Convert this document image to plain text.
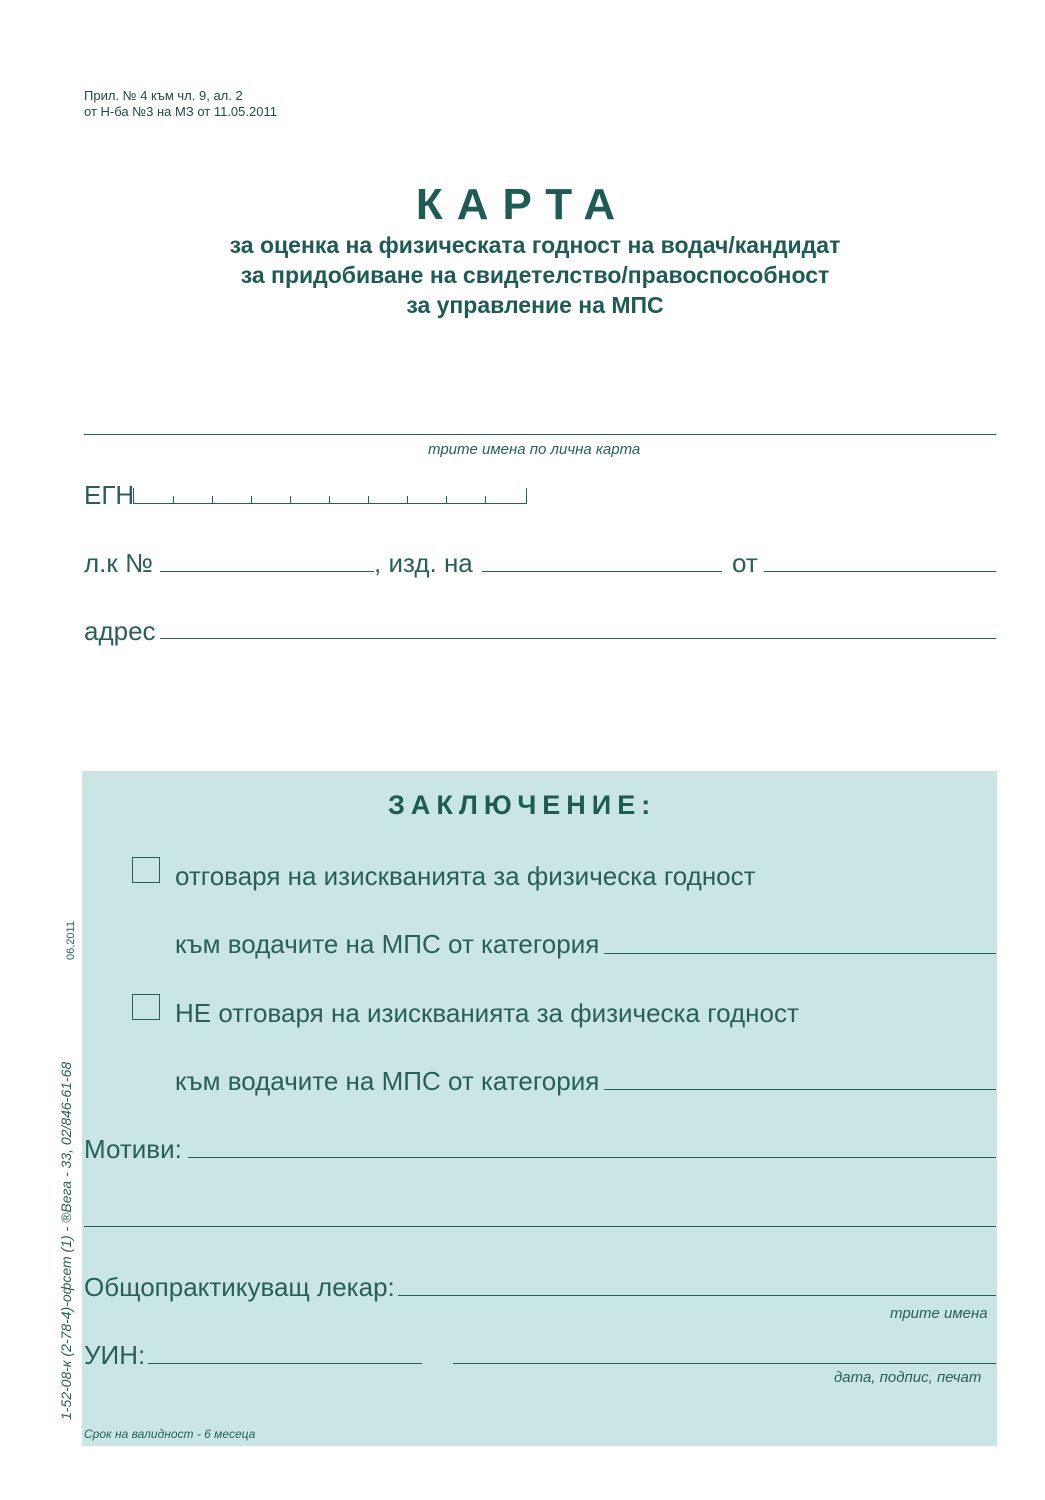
Прил. № 4 към чл. 9, ал. 2
от Н-ба №3 на МЗ от 11.05.2011
КАРТА
за оценка на физическата годност на водач/кандидат
за придобиване на свидетелство/правоспособност
за управление на МПС
трите имена по лична карта
ЕГН
л.к №	, изд. на	от
адрес
1-52-08-к (2-78-4)-офсет (1) - ®Вега - 33, 02/846-61-68
06.2011
ЗАКЛЮЧЕНИЕ:
отговаря на изискванията за физическа годност
към водачите на МПС от категория
НЕ отговаря на изискванията за физическа годност
към водачите на МПС от категория
Мотиви:
Общопрактикуващ лекар:
трите имена
УИН:
дата, подпис, печат
Срок на валидност - 6 месеца
